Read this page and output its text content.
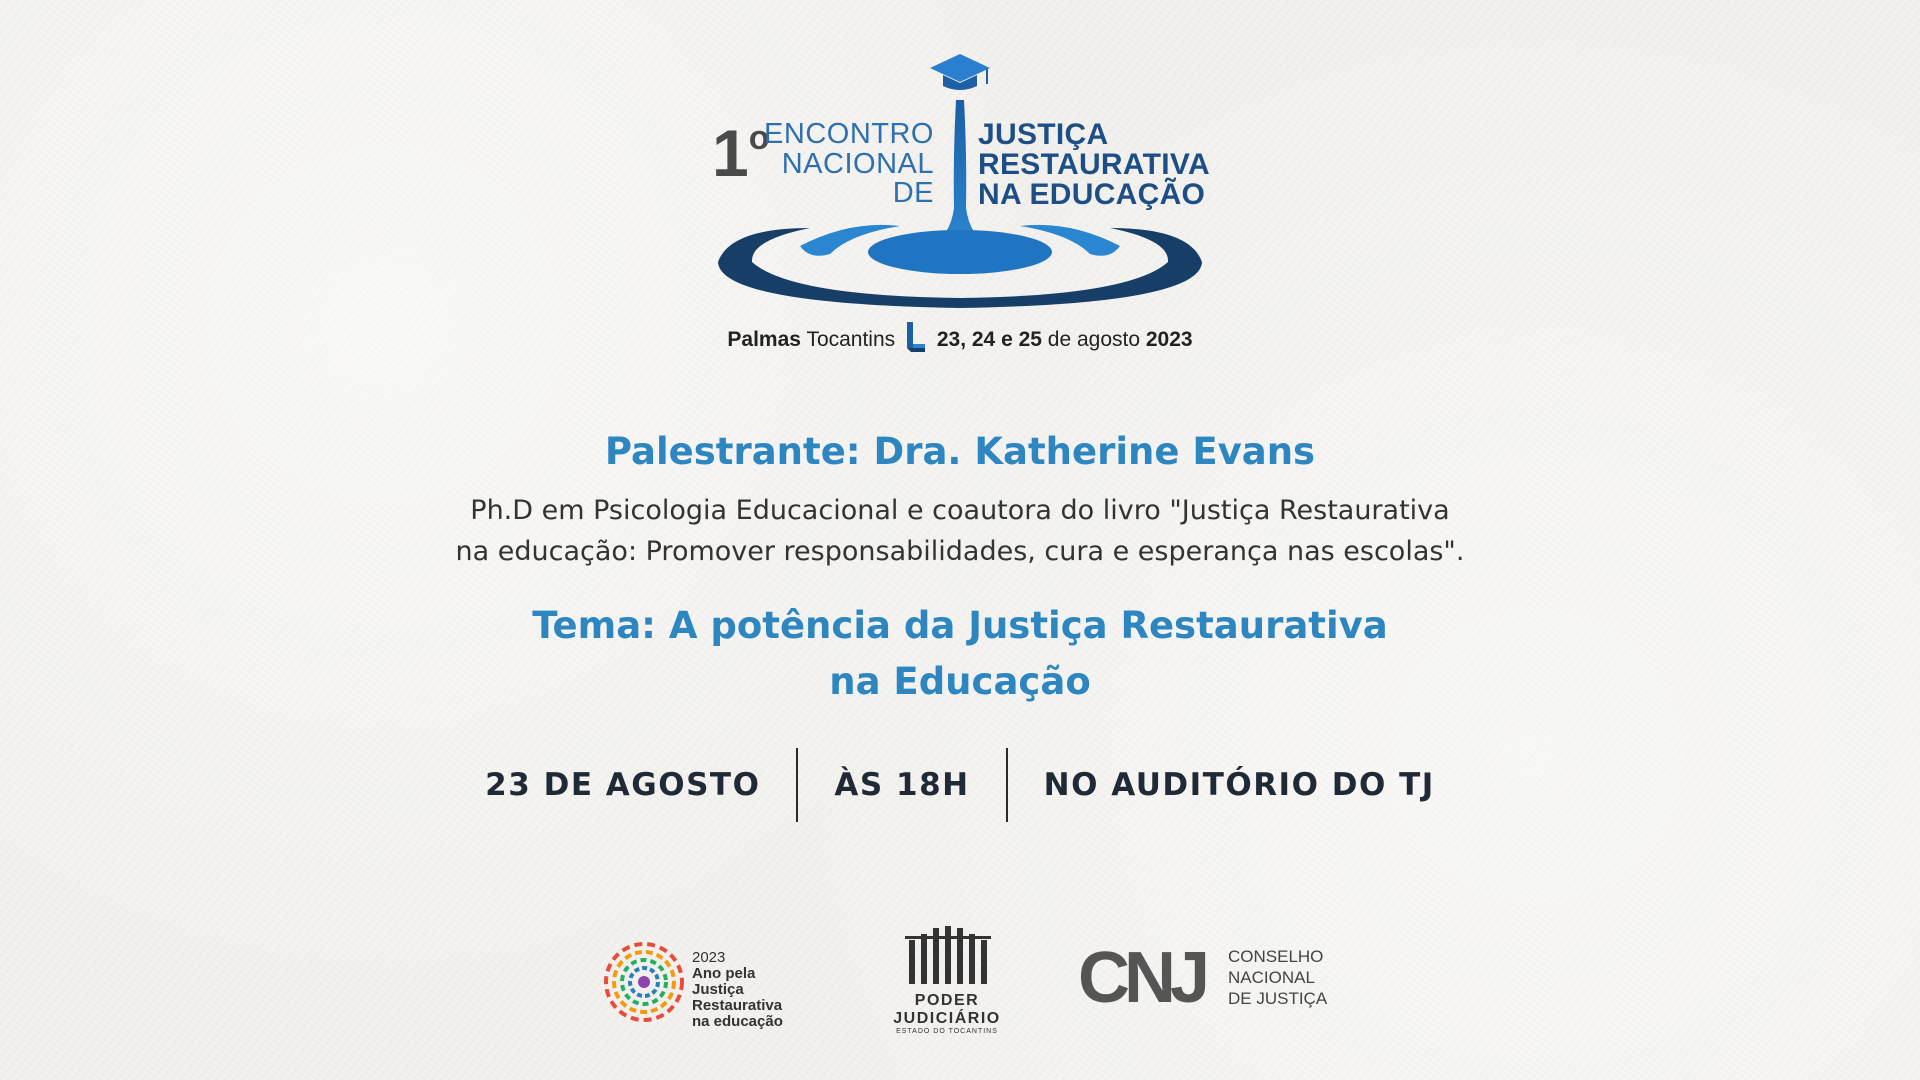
1$^o$
ENCONTRO
NACIONAL
DE
JUSTIÇA
RESTAURATIVA
NA EDUCAÇÃO
Palmas Tocantins 23, 24 e 25 de agosto 2023
Palestrante: Dra. Katherine Evans
Ph.D em Psicologia Educacional e coautora do livro "Justiça Restaurativa
na educação: Promover responsabilidades, cura e esperança nas escolas".
Tema: A potência da Justiça Restaurativa
na Educação
23 DE AGOSTO	ÀS 18H	NO AUDITÓRIO DO TJ
2023
Ano pela
Justiça
Restaurativa
na educação
PODER JUDICIÁRIO
ESTADO DO TOCANTINS
CNJ CONSELHO
NACIONAL
DE JUSTIÇA
